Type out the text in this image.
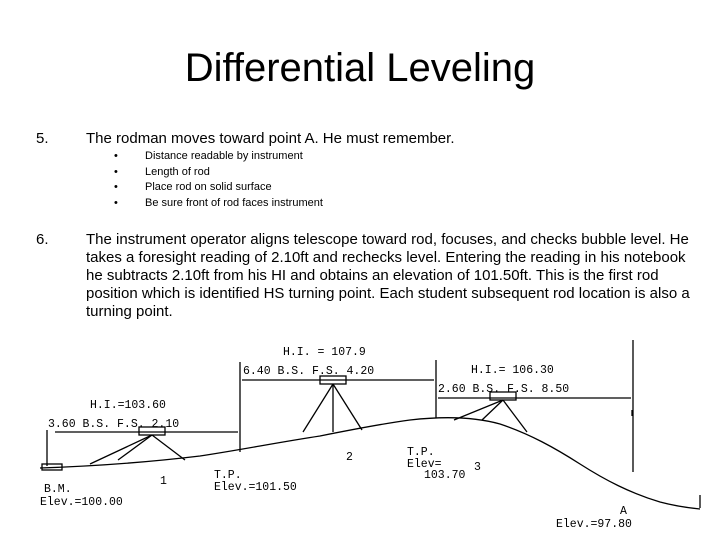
Differential Leveling
5. The rodman moves toward point A. He must remember.
• Distance readable by instrument
• Length of rod
• Place rod on solid surface
• Be sure front of rod faces instrument
6. The instrument operator aligns telescope toward rod, focuses, and checks bubble level. He takes a foresight reading of 2.10ft and rechecks level. Entering the reading in his notebook he subtracts 2.10ft from his HI and obtains an elevation of 101.50ft. This is the first rod position which is identified HS turning point. Each student subsequent rod location is also a turning point.
H.I.=103.60
3.60 B.S. F.S. 2.10
H.I. = 107.9
6.40 B.S. F.S. 4.20	H.I.= 106.30
2.60 B.S. F.S. 8.50
B.M.
Elev.=100.00
T.P.
Elev.=101.50
T.P.
Elev=
103.70
1
2
3
A
Elev.=97.80
